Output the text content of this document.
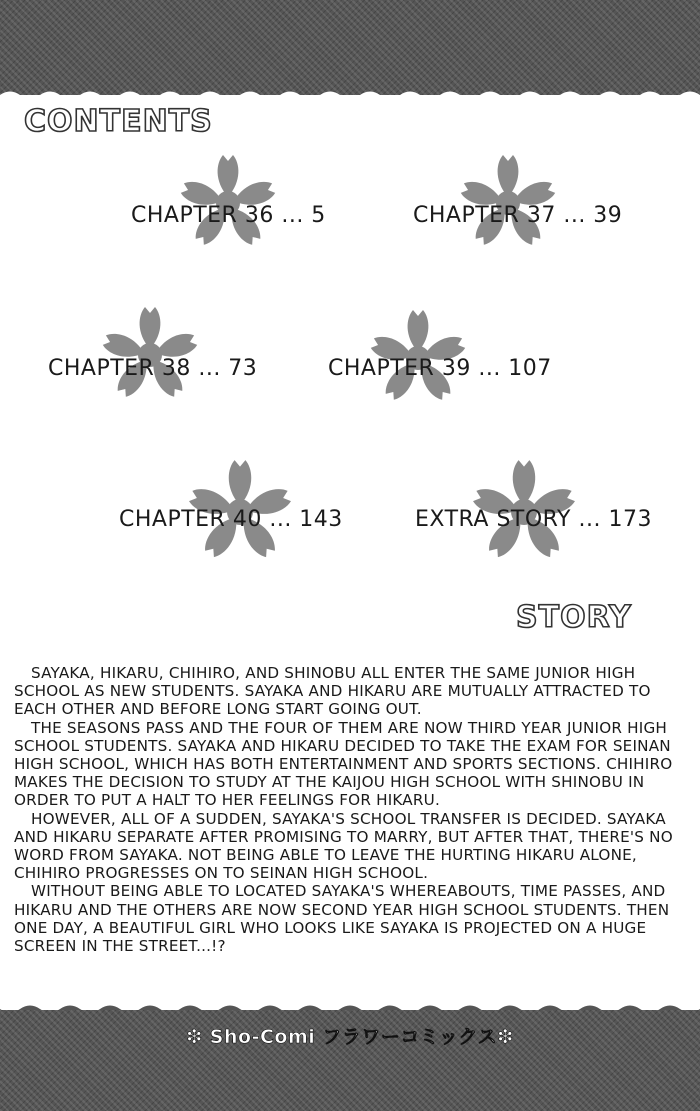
CONTENTS
CHAPTER 36 ... 5	CHAPTER 37 ... 39
CHAPTER 38 ... 73	CHAPTER 39 ... 107
CHAPTER 40 ... 143	EXTRA STORY ... 173
STORY

SAYAKA, HIKARU, CHIHIRO, AND SHINOBU ALL ENTER THE SAME JUNIOR HIGH SCHOOL AS NEW STUDENTS. SAYAKA AND HIKARU ARE MUTUALLY ATTRACTED TO EACH OTHER AND BEFORE LONG START GOING OUT.

THE SEASONS PASS AND THE FOUR OF THEM ARE NOW THIRD YEAR JUNIOR HIGH SCHOOL STUDENTS. SAYAKA AND HIKARU DECIDED TO TAKE THE EXAM FOR SEINAN HIGH SCHOOL, WHICH HAS BOTH ENTERTAINMENT AND SPORTS SECTIONS. CHIHIRO MAKES THE DECISION TO STUDY AT THE KAIJOU HIGH SCHOOL WITH SHINOBU IN ORDER TO PUT A HALT TO HER FEELINGS FOR HIKARU.

HOWEVER, ALL OF A SUDDEN, SAYAKA'S SCHOOL TRANSFER IS DECIDED. SAYAKA AND HIKARU SEPARATE AFTER PROMISING TO MARRY, BUT AFTER THAT, THERE'S NO WORD FROM SAYAKA. NOT BEING ABLE TO LEAVE THE HURTING HIKARU ALONE, CHIHIRO PROGRESSES ON TO SEINAN HIGH SCHOOL.

WITHOUT BEING ABLE TO LOCATED SAYAKA'S WHEREABOUTS, TIME PASSES, AND HIKARU AND THE OTHERS ARE NOW SECOND YEAR HIGH SCHOOL STUDENTS. THEN ONE DAY, A BEAUTIFUL GIRL WHO LOOKS LIKE SAYAKA IS PROJECTED ON A HUGE SCREEN IN THE STREET...!?

❇ Sho-Comi フラワーコミックス❇
